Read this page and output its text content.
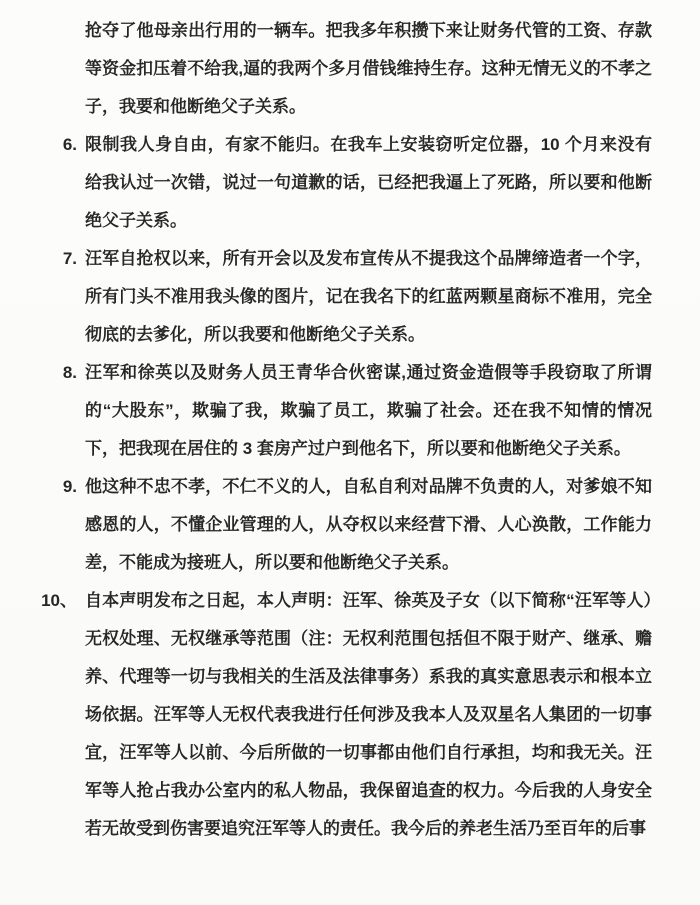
抢夺了他母亲出行用的一辆车。把我多年积攒下来让财务代管的工资、存款等资金扣压着不给我,逼的我两个多月借钱维持生存。这种无情无义的不孝之子，我要和他断绝父子关系。

6. 限制我人身自由，有家不能归。在我车上安装窃听定位器，10 个月来没有给我认过一次错，说过一句道歉的话，已经把我逼上了死路，所以要和他断绝父子关系。

7. 汪军自抢权以来，所有开会以及发布宣传从不提我这个品牌缔造者一个字，所有门头不准用我头像的图片，记在我名下的红蓝两颗星商标不准用，完全彻底的去爹化，所以我要和他断绝父子关系。

8. 汪军和徐英以及财务人员王青华合伙密谋,通过资金造假等手段窃取了所谓的“大股东”，欺骗了我，欺骗了员工，欺骗了社会。还在我不知情的情况下，把我现在居住的 3 套房产过户到他名下，所以要和他断绝父子关系。

9. 他这种不忠不孝，不仁不义的人，自私自利对品牌不负责的人，对爹娘不知感恩的人，不懂企业管理的人，从夺权以来经营下滑、人心涣散，工作能力差，不能成为接班人，所以要和他断绝父子关系。

10、 自本声明发布之日起，本人声明：汪军、徐英及子女（以下简称“汪军等人）无权处理、无权继承等范围（注：无权利范围包括但不限于财产、继承、赡养、代理等一切与我相关的生活及法律事务）系我的真实意思表示和根本立场依据。汪军等人无权代表我进行任何涉及我本人及双星名人集团的一切事宜，汪军等人以前、今后所做的一切事都由他们自行承担，均和我无关。汪军等人抢占我办公室内的私人物品，我保留追查的权力。今后我的人身安全若无故受到伤害要追究汪军等人的责任。我今后的养老生活乃至百年的后事
